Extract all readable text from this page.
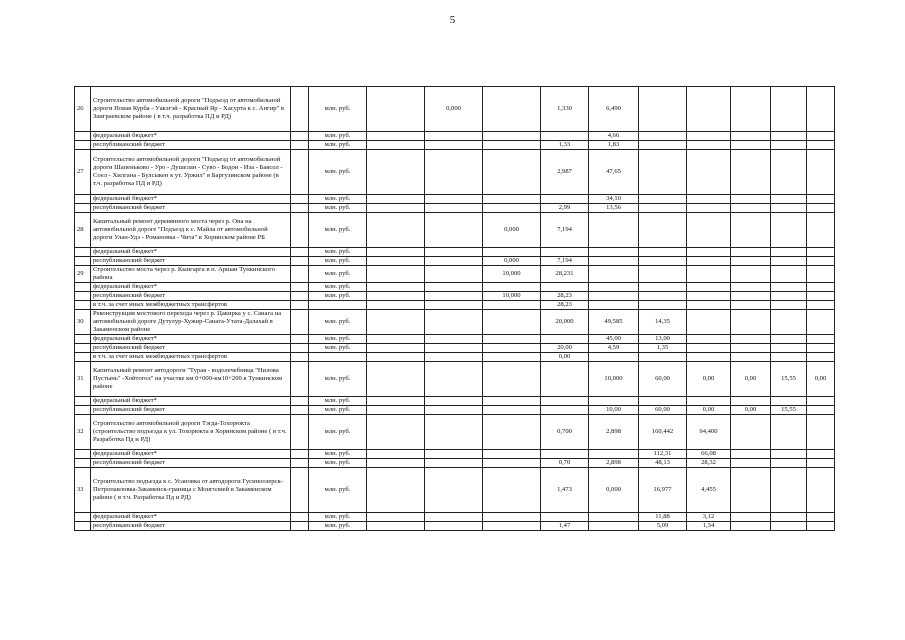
5
26	Строительство автомобильной дороги "Подъезд от автомобильной дороги Новая Курба - Уакэгэй - Красный Яр - Хасурта к с. Ангир" в Заиграевском районе ( в т.ч. разработка ПД и РД)		млн. руб.		0,000		1,330	6,490						
	федеральный бюджет*		млн. руб.					4,66						
	республиканский бюджет		млн. руб.				1,33	1,83						
27	Строительство автомобильной дороги "Подъезд от автомобильной дороги Шапеньково - Уро - Душелан - Суво - Бодон - Иза - Баясол - Соел - Хилгана - Булсыкен к ут. Уржил" в Баргузинском районе (в т.ч. разработка ПД и РД)		млн. руб.				2,987	47,65						
	федеральный бюджет*		млн. руб.					34,10						
	республиканский бюджет		млн. руб.				2,99	13,56						
28	Капитальный ремонт деревянного моста через р. Она на автомобильной дороге "Подъезд к с. Майла от автомобильной дороги Улан-Удэ - Романовка - Чита" в Хоринском районе РБ		млн. руб.			0,000	7,194							
	федеральный бюджет*		млн. руб.											
	республиканский бюджет		млн. руб.			0,000	7,194							
29	Строительство моста через р. Кынгарга в п. Аршан Тункинского района		млн. руб.			10,000	28,231							
	федеральный бюджет*		млн. руб.											
	республиканский бюджет		млн. руб.			10,000	28,23							
	в т.ч. за счет иных межбюджетных трансфертов						28,23							
30	Реконструкция мостового перехода через р. Цакирка у с. Санага на автомобильной дороге Дутулур-Хужир-Санага-Утата-Далахай в Закаменском районе		млн. руб.				20,000	49,585	14,35					
	федеральный бюджет*		млн. руб.					45,00	13,00					
	республиканский бюджет		млн. руб.				20,00	4,59	1,35					
	в т.ч. за счет иных межбюджетных трансфертов						0,00							
31	Капитальный ремонт автодороги "Турая - водолечебница "Нилова Пустынь" -Хойтогол" на участке км 0+000-км10+200 в Тункинском районе		млн. руб.					10,000	60,00	0,00	0,00	15,55	0,00	
	федеральный бюджет*		млн. руб.											
	республиканский бюджет		млн. руб.					10,00	60,00	0,00	0,00	15,55		
32	Строительство автомобильной дороги Тэгда-Тохорюкта (строительство подъезда к ул. Тохорюкта в Хоринском районе ( в т.ч. Разработка Пд и РД)		млн. руб.				0,700	2,898	160,442	94,400				
	федеральный бюджет*		млн. руб.						112,31	66,08				
	республиканский бюджет		млн. руб.				0,70	2,898	48,13	28,32				
33	Строительство подъезда к с. Усановка от автодороги Гусиноозерск-Петропавловка-Закаменск-граница с Монголией в Закаменском районе ( в т.ч. Разработка Пд и РД)		млн. руб.				1,473	0,000	16,977	4,455				
	федеральный бюджет*		млн. руб.						11,88	3,12				
	республиканский бюджет		млн. руб.				1,47		5,09	1,34				
